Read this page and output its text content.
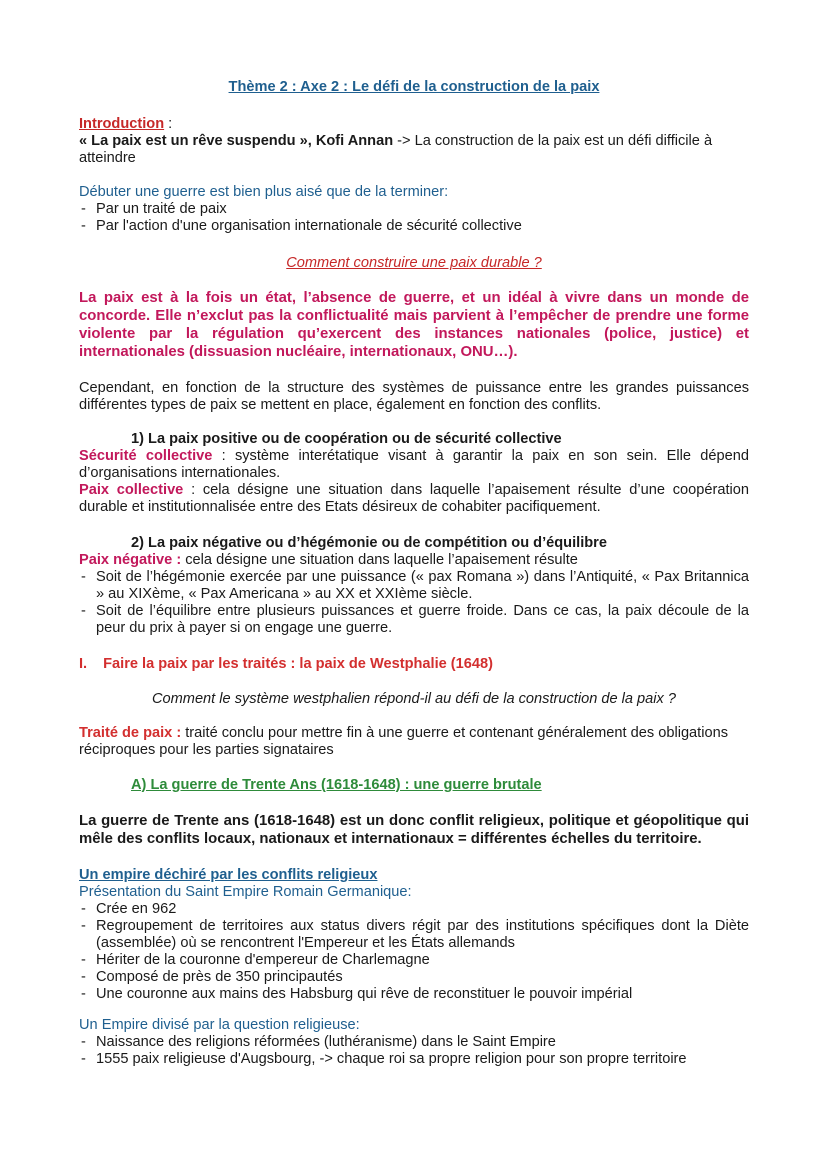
Thème 2 : Axe 2 : Le défi de la construction de la paix

Introduction :

« La paix est un rêve suspendu », Kofi Annan -> La construction de la paix est un défi difficile à atteindre

Débuter une guerre est bien plus aisé que de la terminer:

- Par un traité de paix
- Par l'action d'une organisation internationale de sécurité collective

Comment construire une paix durable ?

La paix est à la fois un état, l’absence de guerre, et un idéal à vivre dans un monde de concorde. Elle n’exclut pas la conflictualité mais parvient à l’empêcher de prendre une forme violente par la régulation qu’exercent des instances nationales (police, justice) et internationales (dissuasion nucléaire, internationaux, ONU…).

Cependant, en fonction de la structure des systèmes de puissance entre les grandes puissances différentes types de paix se mettent en place, également en fonction des conflits.

1) La paix positive ou de coopération ou de sécurité collective

Sécurité collective : système interétatique visant à garantir la paix en son sein. Elle dépend d’organisations internationales.

Paix collective : cela désigne une situation dans laquelle l’apaisement résulte d’une coopération durable et institutionnalisée entre des Etats désireux de cohabiter pacifiquement.

2) La paix négative ou d’hégémonie ou de compétition ou d’équilibre

Paix négative : cela désigne une situation dans laquelle l’apaisement résulte

- Soit de l’hégémonie exercée par une puissance (« pax Romana ») dans l’Antiquité, « Pax Britannica » au XIXème, « Pax Americana » au XX et XXIème siècle.
- Soit de l’équilibre entre plusieurs puissances et guerre froide. Dans ce cas, la paix découle de la peur du prix à payer si on engage une guerre.

I. Faire la paix par les traités : la paix de Westphalie (1648)

Comment le système westphalien répond-il au défi de la construction de la paix ?

Traité de paix : traité conclu pour mettre fin à une guerre et contenant généralement des obligations réciproques pour les parties signataires

A) La guerre de Trente Ans (1618-1648) : une guerre brutale

La guerre de Trente ans (1618-1648) est un donc conflit religieux, politique et géopolitique qui mêle des conflits locaux, nationaux et internationaux = différentes échelles du territoire.

Un empire déchiré par les conflits religieux

Présentation du Saint Empire Romain Germanique:

- Crée en 962
- Regroupement de territoires aux status divers régit par des institutions spécifiques dont la Diète (assemblée) où se rencontrent l'Empereur et les États allemands
- Hériter de la couronne d'empereur de Charlemagne
- Composé de près de 350 principautés
- Une couronne aux mains des Habsburg qui rêve de reconstituer le pouvoir impérial

Un Empire divisé par la question religieuse:

- Naissance des religions réformées (luthéranisme) dans le Saint Empire
- 1555 paix religieuse d'Augsbourg, -> chaque roi sa propre religion pour son propre territoire
